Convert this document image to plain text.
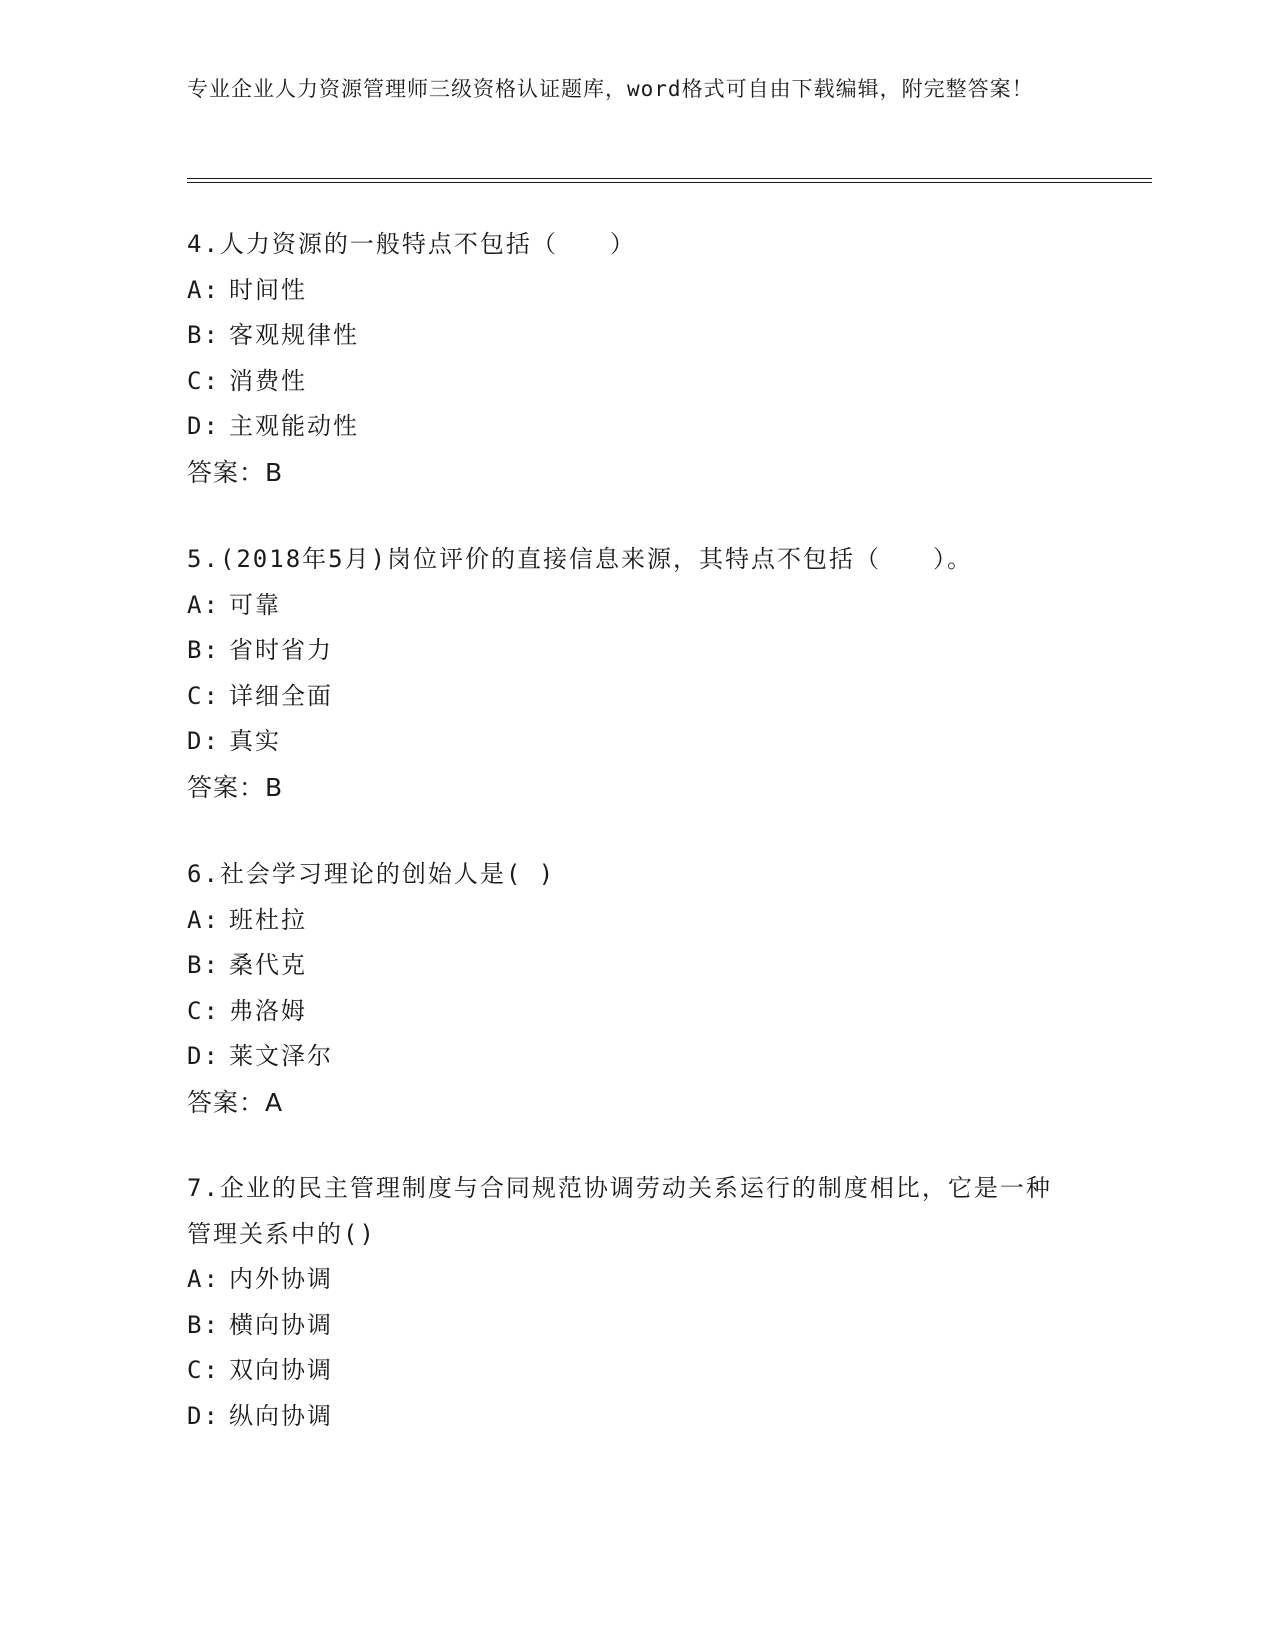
专业企业人力资源管理师三级资格认证题库，word格式可自由下载编辑，附完整答案！
4.人力资源的一般特点不包括（　　）
A: 时间性
B: 客观规律性
C: 消费性
D: 主观能动性
答案：B
5.(2018年5月)岗位评价的直接信息来源，其特点不包括（　　）。
A: 可靠
B: 省时省力
C: 详细全面
D: 真实
答案：B
6.社会学习理论的创始人是( )
A: 班杜拉
B: 桑代克
C: 弗洛姆
D: 莱文泽尔
答案：A
7.企业的民主管理制度与合同规范协调劳动关系运行的制度相比，它是一种管理关系中的()
A: 内外协调
B: 横向协调
C: 双向协调
D: 纵向协调
